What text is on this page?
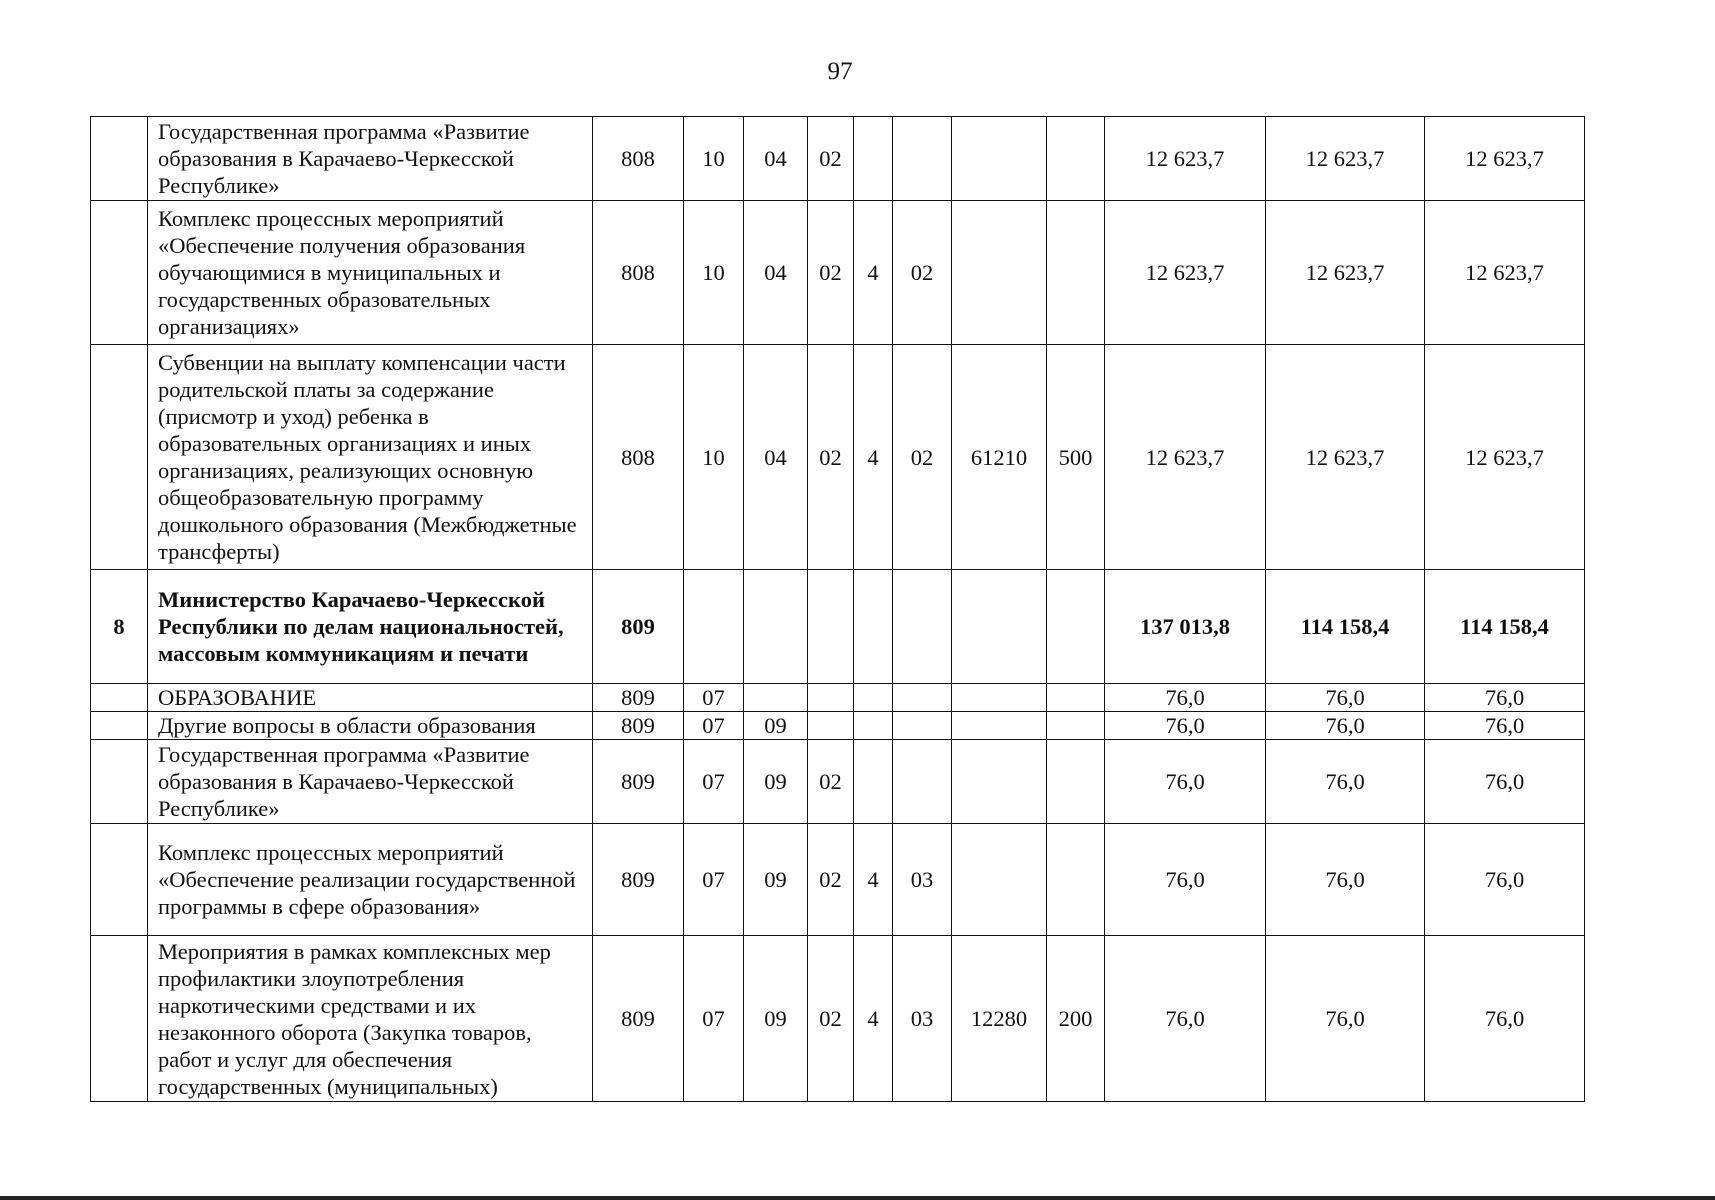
97
	Государственная программа «Развитие образования в Карачаево-Черкесской Республике»	808	10	04	02					12 623,7	12 623,7	12 623,7
	Комплекс процессных мероприятий «Обеспечение получения образования обучающимися в муниципальных и государственных образовательных организациях»	808	10	04	02	4	02			12 623,7	12 623,7	12 623,7
	Субвенции на выплату компенсации части родительской платы за содержание (присмотр и уход) ребенка в образовательных организациях и иных организациях, реализующих основную общеобразовательную программу дошкольного образования (Межбюджетные трансферты)	808	10	04	02	4	02	61210	500	12 623,7	12 623,7	12 623,7
8	Министерство Карачаево-Черкесской Республики по делам национальностей, массовым коммуникациям и печати	809								137 013,8	114 158,4	114 158,4
	ОБРАЗОВАНИЕ	809	07							76,0	76,0	76,0
	Другие вопросы в области образования	809	07	09						76,0	76,0	76,0
	Государственная программа «Развитие образования в Карачаево-Черкесской Республике»	809	07	09	02					76,0	76,0	76,0
	Комплекс процессных мероприятий «Обеспечение реализации государственной программы в сфере образования»	809	07	09	02	4	03			76,0	76,0	76,0
	Мероприятия в рамках комплексных мер профилактики злоупотребления наркотическими средствами и их незаконного оборота (Закупка товаров, работ и услуг для обеспечения государственных (муниципальных)	809	07	09	02	4	03	12280	200	76,0	76,0	76,0
